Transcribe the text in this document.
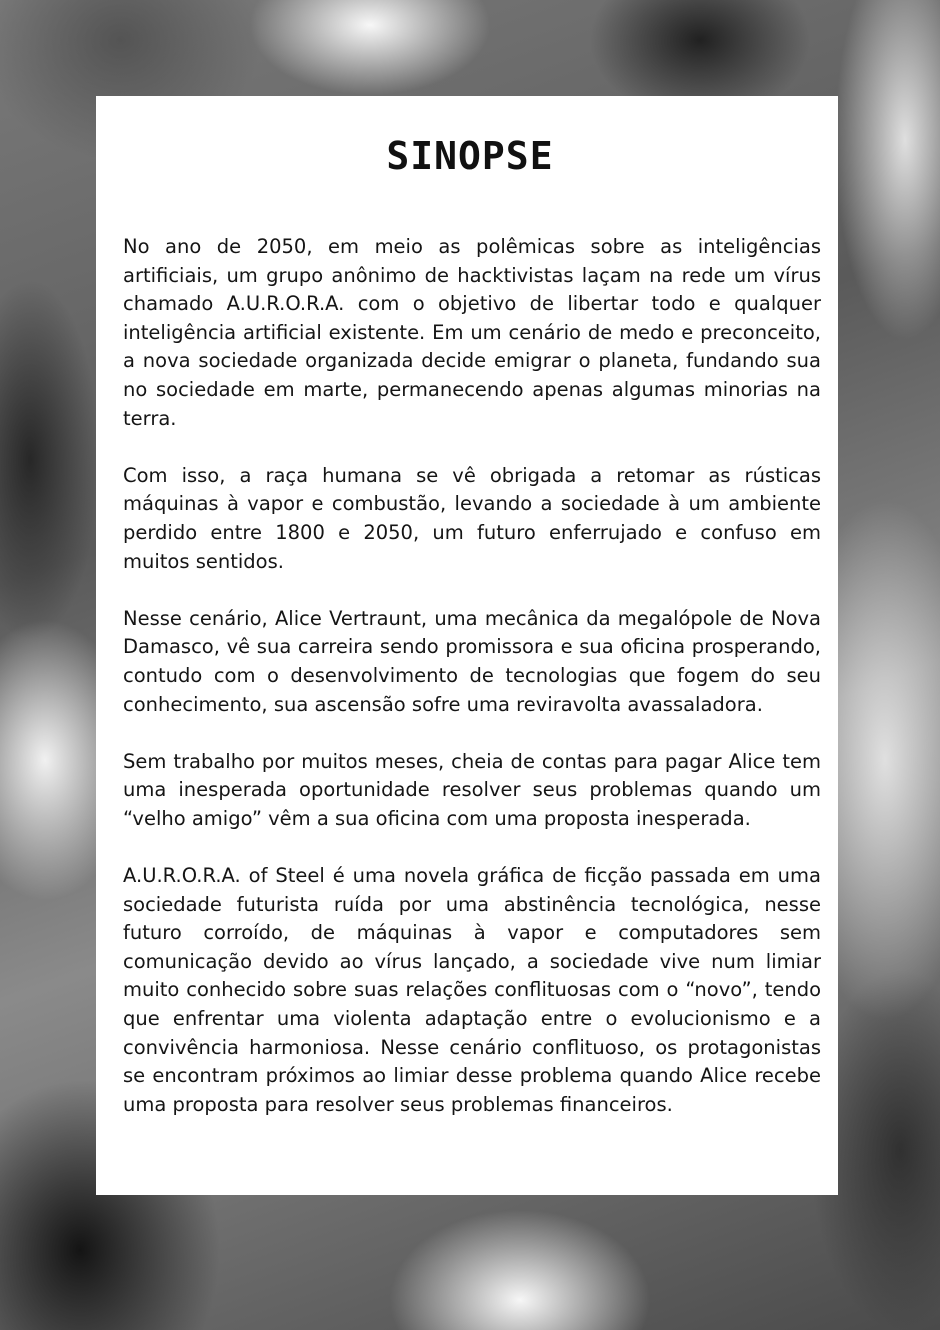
SINOPSE

No ano de 2050, em meio as polêmicas sobre as inteligências artificiais, um grupo anônimo de hacktivistas laçam na rede um vírus chamado A.U.R.O.R.A. com o objetivo de libertar todo e qualquer inteligência artificial existente. Em um cenário de medo e preconceito, a nova sociedade organizada decide emigrar o planeta, fundando sua no sociedade em marte, permanecendo apenas algumas minorias na terra.

Com isso, a raça humana se vê obrigada a retomar as rústicas máquinas à vapor e combustão, levando a sociedade à um ambiente perdido entre 1800 e 2050, um futuro enferrujado e confuso em muitos sentidos.

Nesse cenário, Alice Vertraunt, uma mecânica da megalópole de Nova Damasco, vê sua carreira sendo promissora e sua oficina prosperando, contudo com o desenvolvimento de tecnologias que fogem do seu conhecimento, sua ascensão sofre uma reviravolta avassaladora.

Sem trabalho por muitos meses, cheia de contas para pagar Alice tem uma inesperada oportunidade resolver seus problemas quando um “velho amigo” vêm a sua oficina com uma proposta inesperada.

A.U.R.O.R.A. of Steel é uma novela gráfica de ficção passada em uma sociedade futurista ruída por uma abstinência tecnológica, nesse futuro corroído, de máquinas à vapor e computadores sem comunicação devido ao vírus lançado, a sociedade vive num limiar muito conhecido sobre suas relações conflituosas com o “novo”, tendo que enfrentar uma violenta adaptação entre o evolucionismo e a convivência harmoniosa. Nesse cenário conflituoso, os protagonistas se encontram próximos ao limiar desse problema quando Alice recebe uma proposta para resolver seus problemas financeiros.
